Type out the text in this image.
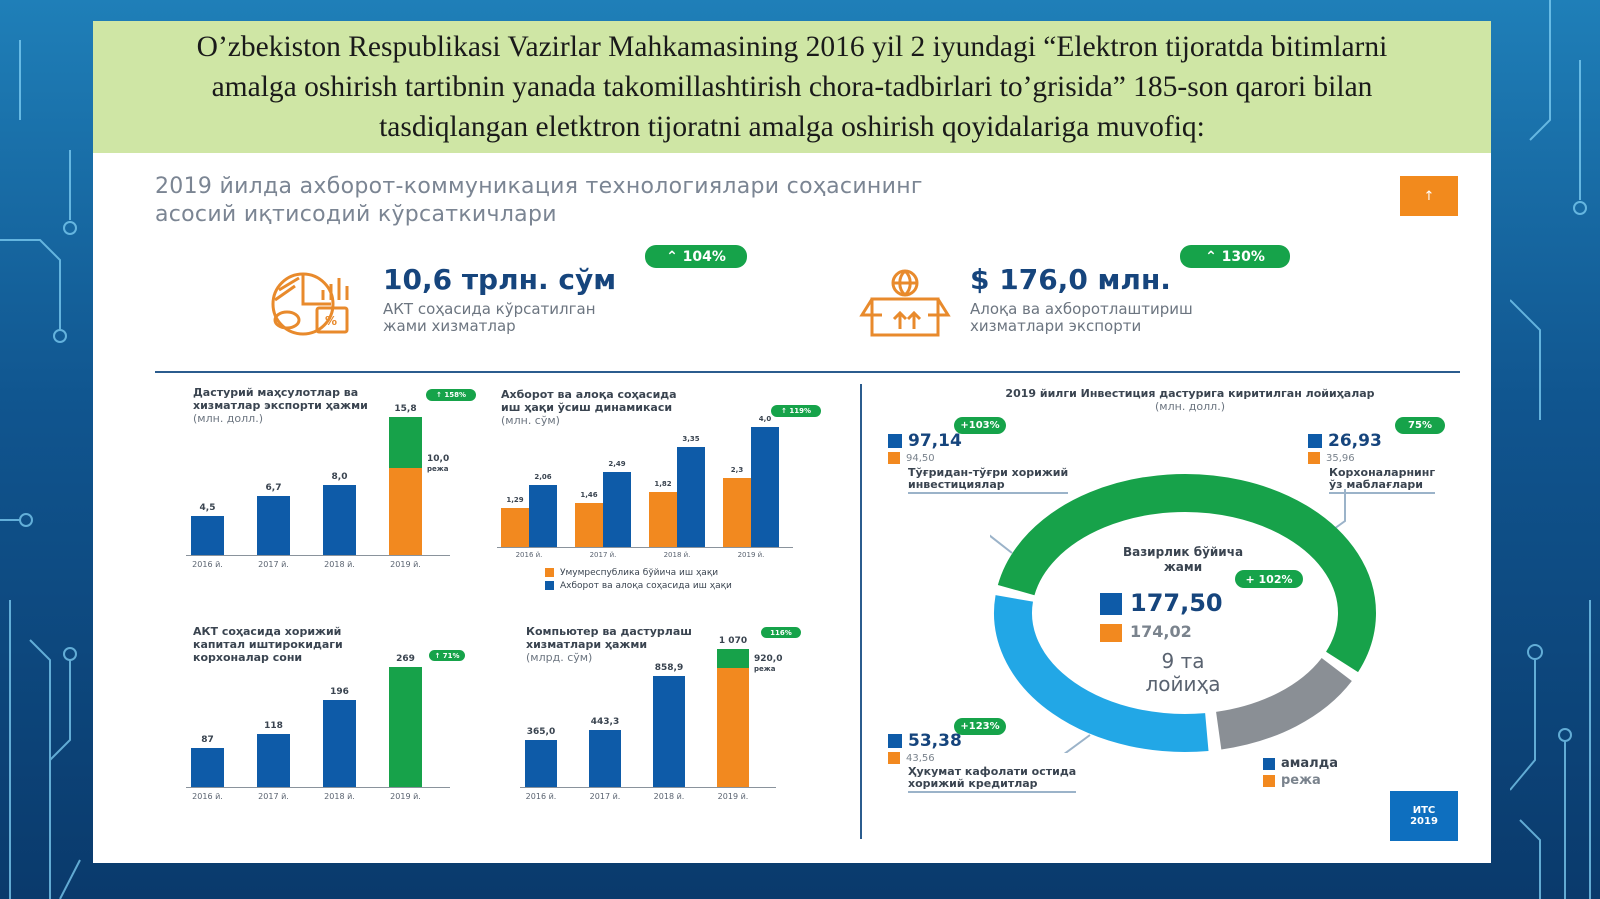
O’zbekiston Respublikasi Vazirlar Mahkamasining 2016 yil 2 iyundagi “Elektron tijoratda bitimlarni
amalga oshirish tartibnin yanada takomillashtirish chora-tadbirlari to’grisida” 185-son qarori bilan
tasdiqlangan eletktron tijoratni amalga oshirish qoyidalariga muvofiq:

2019 йилда ахборот-коммуникация технологиялари соҳасининг
асосий иқтисодий кўрсаткичлари
↑
%
10,6 трлн. сўм
⌃ 104%
АКТ соҳасида кўрсатилган
жами хизматлар
$ 176,0 млн.
⌃ 130%
Алоқа ва ахборотлаштириш
хизматлари экспорти
Дастурий маҳсулотлар ва
хизматлар экспорти ҳажми
(млн. долл.)
↑ 158%	Ахборот ва алоқа соҳасида
иш ҳақи ўсиш динамикаси
(млн. сўм)
↑ 119%
Умумреспублика бўйича иш ҳақи
Ахборот ва алоқа соҳасида иш ҳақи
АКТ соҳасида хорижий
капитал иштирокидаги
корхоналар сони	↑ 71%
Компьютер ва дастурлаш
хизматлари ҳажми
(млрд. сўм)
116%
2019 йилги Инвестиция дастурига киритилган лойиҳалар
(млн. долл.)
+103%
97,14
94,50
Тўғридан-тўғри хорижий
инвестициялар
75%
26,93
35,96
Корхоналарнинг
ўз маблағлари
+123%
53,38
43,56
Ҳукумат кафолати остида
хорижий кредитлар
Вазирлик бўйича
жами
+ 102%
177,50
174,02
9 та
лойиҳа
амалда
режа
ИТС
2019
4,5
2016 й.
6,7
2017 й.
8,0
2018 й.
10,0
режа
15,8
2019 й.
87
2016 й.
118
2017 й.
196
2018 й.
269
2019 й.
365,0
2016 й.
443,3
2017 й.
858,9
2018 й.
920,0
режа
1 070
2019 й.
1,29
2,06
2016 й.
1,46
2,49
2017 й.
1,82
3,35
2018 й.
2,3
4,0
2019 й.
